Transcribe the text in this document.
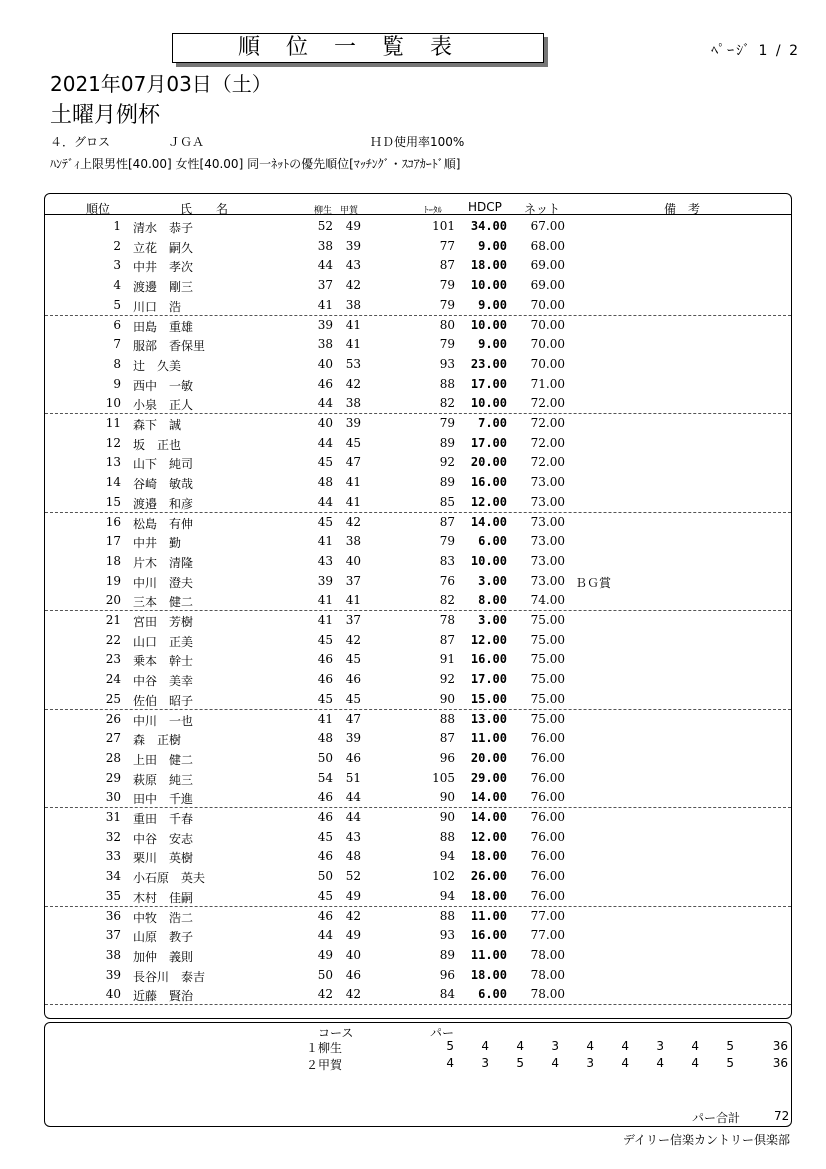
順位一覧表	ﾍﾟｰｼﾞ 1 / 2
2021年07月03日（土）
土曜月例杯
４．グロス	ＪＧＡ	ＨＤ使用率100%
ﾊﾝﾃﾞｨ上限男性[40.00] 女性[40.00] 同一ﾈｯﾄの優先順位[ﾏｯﾁﾝｸﾞ・ｽｺｱｶｰﾄﾞ順]
順位	氏　　名	柳生 甲賀	ﾄｰﾀﾙ HDCP ネット	備　考
1 清水　恭子	52	49	101	34.00	67.00
2 立花　嗣久	38	39	77	9.00	68.00
3 中井　孝次	44	43	87	18.00	69.00
4 渡邊　剛三	37	42	79	10.00	69.00
5 川口　浩	41	38	79	9.00	70.00
6 田島　重雄	39	41	80	10.00	70.00
7 服部　香保里	38	41	79	9.00	70.00
8 辻　久美	40	53	93	23.00	70.00
9 西中　一敏	46	42	88	17.00	71.00
10 小泉　正人	44	38	82	10.00	72.00
11 森下　誠	40	39	79	7.00	72.00
12 坂　正也	44	45	89	17.00	72.00
13 山下　純司	45	47	92	20.00	72.00
14 谷崎　敏哉	48	41	89	16.00	73.00
15 渡邉　和彦	44	41	85	12.00	73.00
16 松島　有伸	45	42	87	14.00	73.00
17 中井　勤	41	38	79	6.00	73.00
18 片木　清隆	43	40	83	10.00	73.00
19 中川　澄夫	39	37	76	3.00	73.00 ＢＧ賞
20 三本　健二	41	41	82	8.00	74.00
21 宮田　芳樹	41	37	78	3.00	75.00
22 山口　正美	45	42	87	12.00	75.00
23 乗本　幹士	46	45	91	16.00	75.00
24 中谷　美幸	46	46	92	17.00	75.00
25 佐伯　昭子	45	45	90	15.00	75.00
26 中川　一也	41	47	88	13.00	75.00
27 森　正樹	48	39	87	11.00	76.00
28 上田　健二	50	46	96	20.00	76.00
29 萩原　純三	54	51	105	29.00	76.00
30 田中　千進	46	44	90	14.00	76.00
31 重田　千春	46	44	90	14.00	76.00
32 中谷　安志	45	43	88	12.00	76.00
33 栗川　英樹	46	48	94	18.00	76.00
34 小石原　英夫	50	52	102	26.00	76.00
35 木村　佳嗣	45	49	94	18.00	76.00
36 中牧　浩二	46	42	88	11.00	77.00
37 山原　教子	44	49	93	16.00	77.00
38 加仲　義則	49	40	89	11.00	78.00
39 長谷川　泰吉	50	46	96	18.00	78.00
40 近藤　賢治	42	42	84	6.00	78.00
コース	パー
１柳生	5	4	4	3	4	4	3	4	5	36
２甲賀	4	3	5	4	3	4	4	4	5	36
パー合計	72
デイリー信楽カントリー倶楽部
